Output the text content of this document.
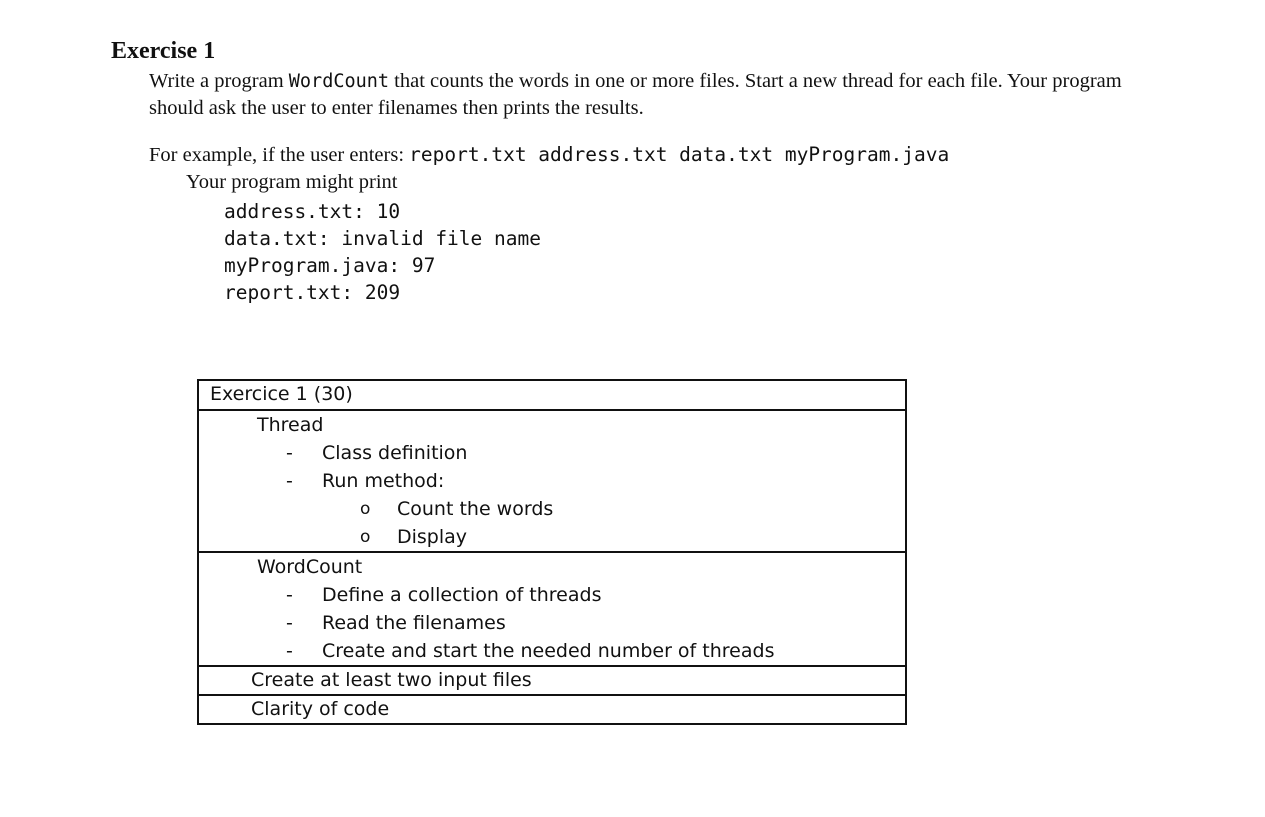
Exercise 1
Write a program WordCount that counts the words in one or more files. Start a new thread for each file. Your program should ask the user to enter filenames then prints the results.
For example, if the user enters: report.txt address.txt data.txt myProgram.java
Your program might print
address.txt: 10
data.txt: invalid file name
myProgram.java: 97
report.txt: 209
Exercice 1 (30)

Thread
- Class definition
- Run method:
o Count the words
o Display

WordCount
- Define a collection of threads
- Read the filenames
- Create and start the needed number of threads

Create at least two input files
Clarity of code
